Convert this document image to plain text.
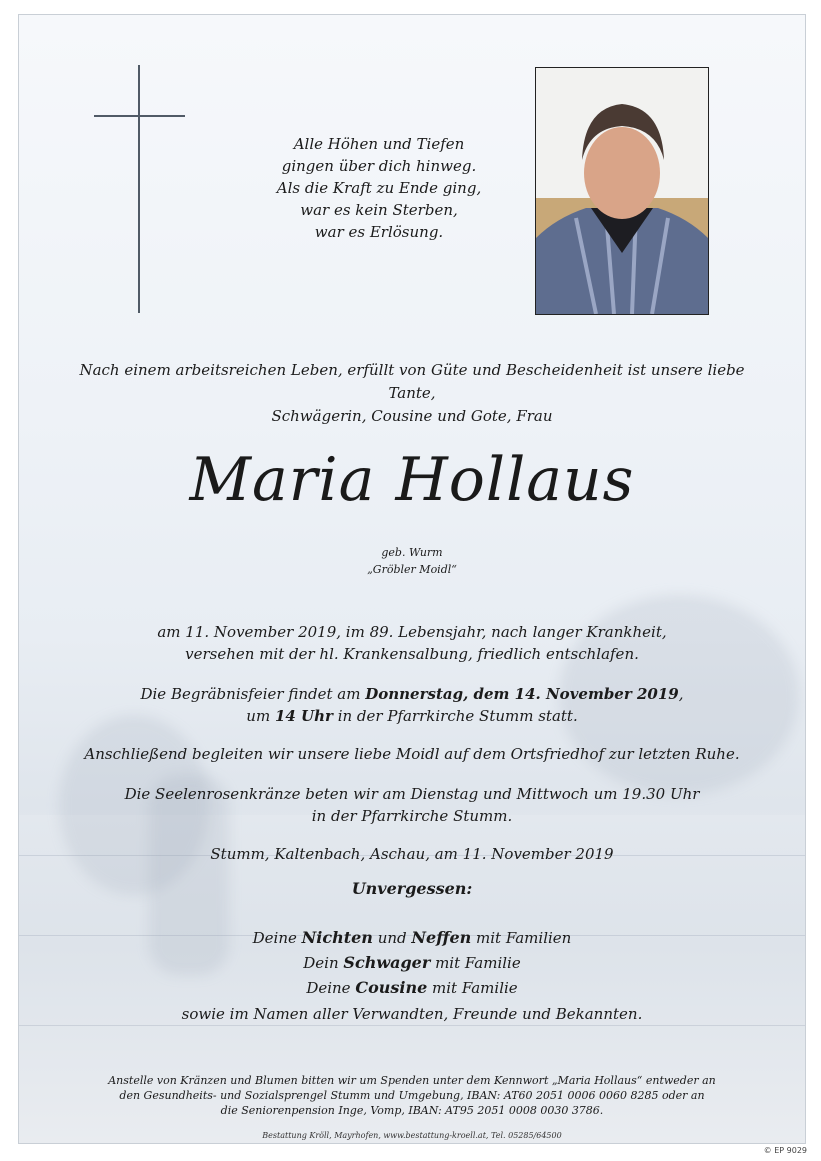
Alle Höhen und Tiefen
gingen über dich hinweg.
Als die Kraft zu Ende ging,
war es kein Sterben,
war es Erlösung.
Nach einem arbeitsreichen Leben, erfüllt von Güte und Bescheidenheit ist unsere liebe Tante,
Schwägerin, Cousine und Gote, Frau
Maria Hollaus
geb. Wurm
„Gröbler Moidl“
am 11. November 2019, im 89. Lebensjahr, nach langer Krankheit,
versehen mit der hl. Krankensalbung, friedlich entschlafen.
Die Begräbnisfeier findet am Donnerstag, dem 14. November 2019,
um 14 Uhr in der Pfarrkirche Stumm statt.
Anschließend begleiten wir unsere liebe Moidl auf dem Ortsfriedhof zur letzten Ruhe.
Die Seelenrosenkränze beten wir am Dienstag und Mittwoch um 19.30 Uhr
in der Pfarrkirche Stumm.
Stumm, Kaltenbach, Aschau, am 11. November 2019
Unvergessen:
Deine Nichten und Neffen mit Familien
Dein Schwager mit Familie
Deine Cousine mit Familie
sowie im Namen aller Verwandten, Freunde und Bekannten.
Anstelle von Kränzen und Blumen bitten wir um Spenden unter dem Kennwort „Maria Hollaus“ entweder an
den Gesundheits- und Sozialsprengel Stumm und Umgebung, IBAN: AT60 2051 0006 0060 8285 oder an
die Seniorenpension Inge, Vomp, IBAN: AT95 2051 0008 0030 3786.
Bestattung Kröll, Mayrhofen, www.bestattung-kroell.at, Tel. 05285/64500
© EP 9029
